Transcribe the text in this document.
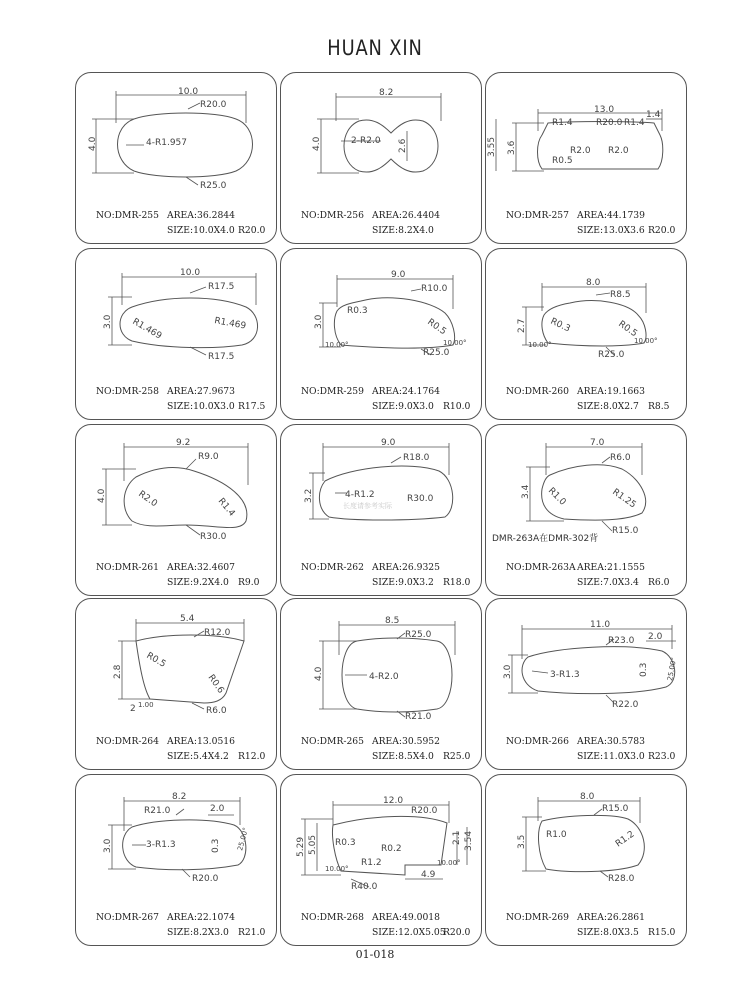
HUAN XIN
10.0
R20.0
4.0	4-R1.957
R25.0
NO:DMR-255 AREA:36.2844
SIZE:10.0X4.0 R20.0
8.2
4.0	2-R2.0 2.6
NO:DMR-256 AREA:26.4404
SIZE:8.2X4.0
13.0	1.4
R1.4	R20.0 R1.4
3.55 3.6	R2.0 R2.0
R0.5
NO:DMR-257 AREA:44.1739
SIZE:13.0X3.6 R20.0
10.0
R17.5
3.0 R1.469	R1.469
R17.5
NO:DMR-258 AREA:27.9673
SIZE:10.0X3.0 R17.5
9.0
R10.0
3.0
R0.3
R0.5
10.00°
R25.0
10.00°
NO:DMR-259 AREA:24.1764
SIZE:9.0X3.0 R10.0
8.0
R8.5
2.7 R0.3	R0.5
10.00°
R25.0
10.00°
NO:DMR-260 AREA:19.1663
SIZE:8.0X2.7 R8.5
9.2
R9.0
4.0	R2.0	R1.4
R30.0
NO:DMR-261 AREA:32.4607
SIZE:9.2X4.0 R9.0
9.0
R18.0
3.2	4-R1.2	R30.0
长度请参考实际
NO:DMR-262 AREA:26.9325
SIZE:9.0X3.2 R18.0
7.0
R6.0
3.4 R1.0	R1.25
R15.0
DMR-263A在DMR-302背
NO:DMR-263A AREA:21.1555
SIZE:7.0X3.4 R6.0
5.4
R12.0
2.8
R0.5
R0.6
2 1.00
R6.0
NO:DMR-264 AREA:13.0516
SIZE:5.4X4.2 R12.0
8.5
R25.0
4.0	4-R2.0
R21.0
NO:DMR-265 AREA:30.5952
SIZE:8.5X4.0 R25.0
11.0
R23.0 2.0
3.0	3-R1.3	0.3 25.00°
R22.0
NO:DMR-266 AREA:30.5783
SIZE:11.0X3.0 R23.0
8.2
R21.0	2.0
3.0	3-R1.3	0.3 25.00°
R20.0
NO:DMR-267 AREA:22.1074
SIZE:8.2X3.0 R21.0
12.0
R20.0
5.29 5.05 R0.3
R0.2
2.1 3.54
R1.2
10.00°
10.00°
4.9
R40.0
NO:DMR-268 AREA:49.0018
SIZE:12.0X5.05
R20.0
8.0
R15.0
3.5 R1.0	R1.2
R28.0
NO:DMR-269 AREA:26.2861
SIZE:8.0X3.5 R15.0
01-018
